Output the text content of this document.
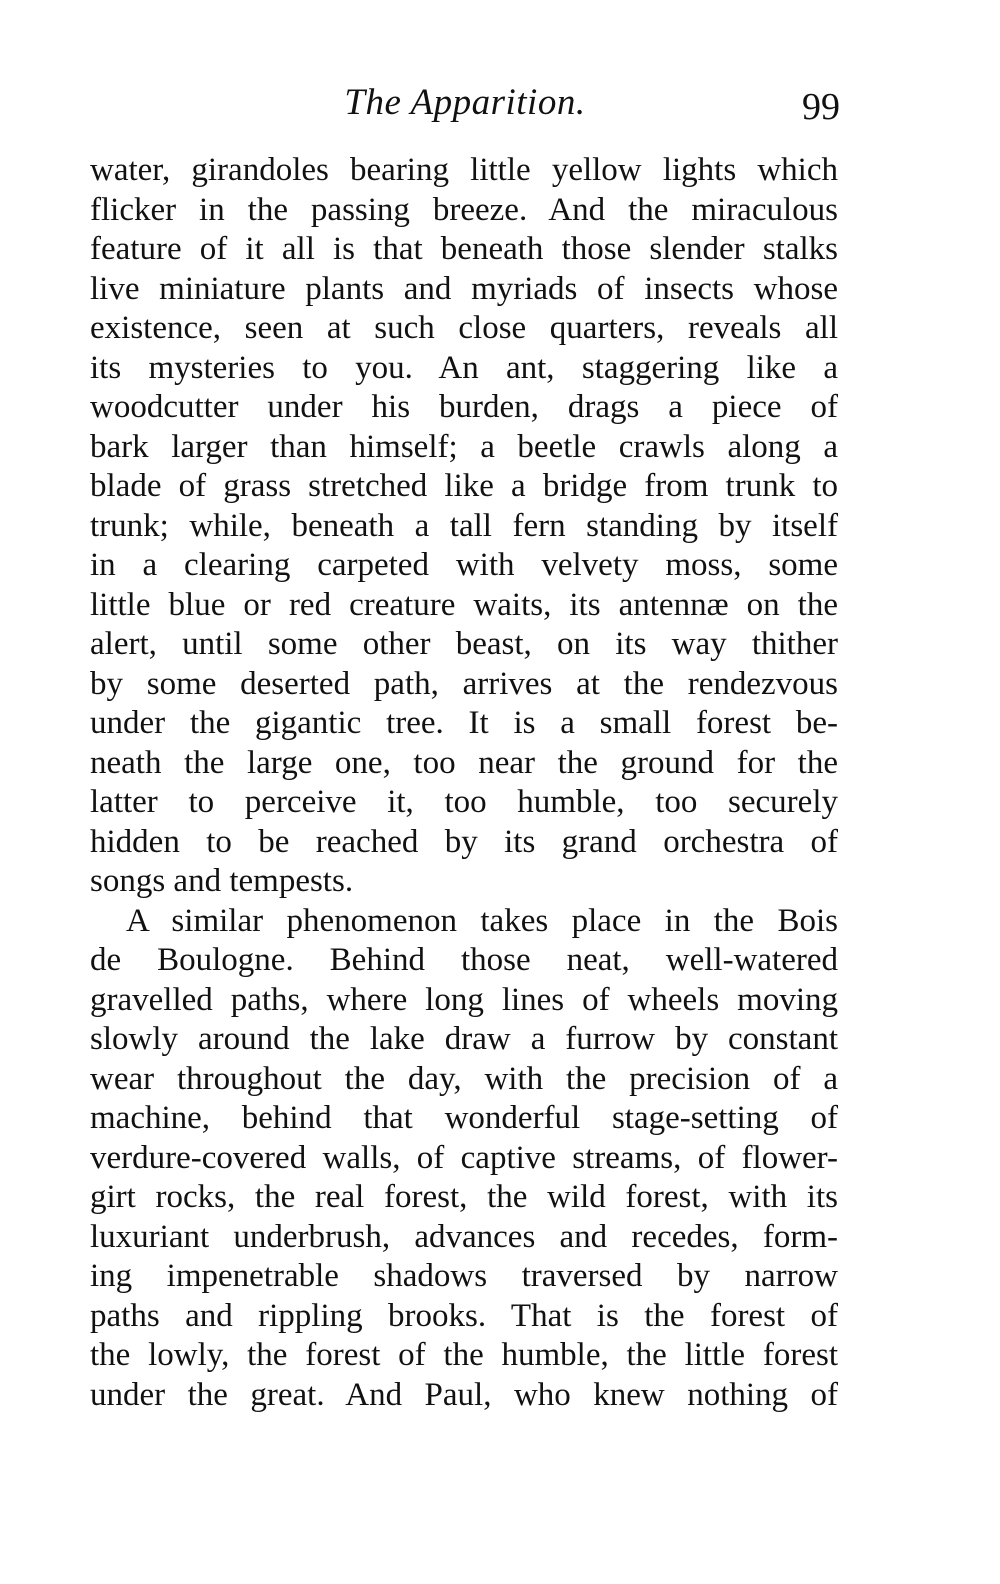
The Apparition.	99
water, girandoles bearing little yellow lights which
flicker in the passing breeze. And the miraculous
feature of it all is that beneath those slender stalks
live miniature plants and myriads of insects whose
existence, seen at such close quarters, reveals all
its mysteries to you. An ant, staggering like a
woodcutter under his burden, drags a piece of
bark larger than himself; a beetle crawls along a
blade of grass stretched like a bridge from trunk to
trunk; while, beneath a tall fern standing by itself
in a clearing carpeted with velvety moss, some
little blue or red creature waits, its antennæ on the
alert, until some other beast, on its way thither
by some deserted path, arrives at the rendezvous
under the gigantic tree. It is a small forest be-
neath the large one, too near the ground for the
latter to perceive it, too humble, too securely
hidden to be reached by its grand orchestra of
songs and tempests.
A similar phenomenon takes place in the Bois
de Boulogne. Behind those neat, well-watered
gravelled paths, where long lines of wheels moving
slowly around the lake draw a furrow by constant
wear throughout the day, with the precision of a
machine, behind that wonderful stage-setting of
verdure-covered walls, of captive streams, of flower-
girt rocks, the real forest, the wild forest, with its
luxuriant underbrush, advances and recedes, form-
ing impenetrable shadows traversed by narrow
paths and rippling brooks. That is the forest of
the lowly, the forest of the humble, the little forest
under the great. And Paul, who knew nothing of
